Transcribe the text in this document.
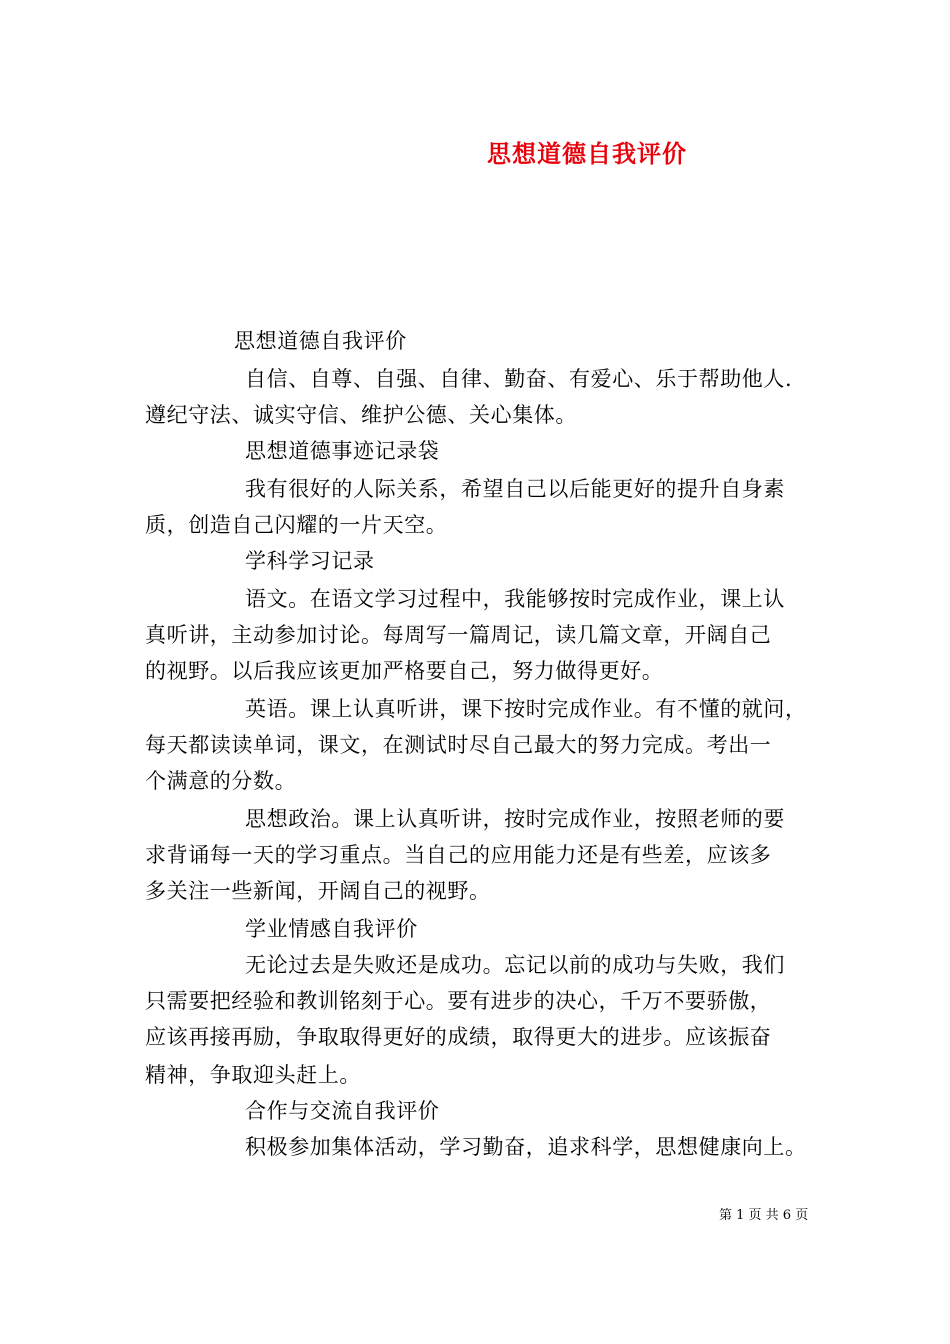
思想道德自我评价
思想道德自我评价
自信、自尊、自强、自律、勤奋、有爱心、乐于帮助他人.
遵纪守法、诚实守信、维护公德、关心集体。
思想道德事迹记录袋
我有很好的人际关系，希望自己以后能更好的提升自身素
质，创造自己闪耀的一片天空。
学科学习记录
语文。在语文学习过程中，我能够按时完成作业，课上认
真听讲，主动参加讨论。每周写一篇周记，读几篇文章，开阔自己
的视野。以后我应该更加严格要自己，努力做得更好。
英语。课上认真听讲，课下按时完成作业。有不懂的就问，
每天都读读单词，课文，在测试时尽自己最大的努力完成。考出一
个满意的分数。
思想政治。课上认真听讲，按时完成作业，按照老师的要
求背诵每一天的学习重点。当自己的应用能力还是有些差，应该多
多关注一些新闻，开阔自己的视野。
学业情感自我评价
无论过去是失败还是成功。忘记以前的成功与失败，我们
只需要把经验和教训铭刻于心。要有进步的决心，千万不要骄傲，
应该再接再励，争取取得更好的成绩，取得更大的进步。应该振奋
精神，争取迎头赶上。
合作与交流自我评价
积极参加集体活动，学习勤奋，追求科学，思想健康向上。
第 1 页 共 6 页
